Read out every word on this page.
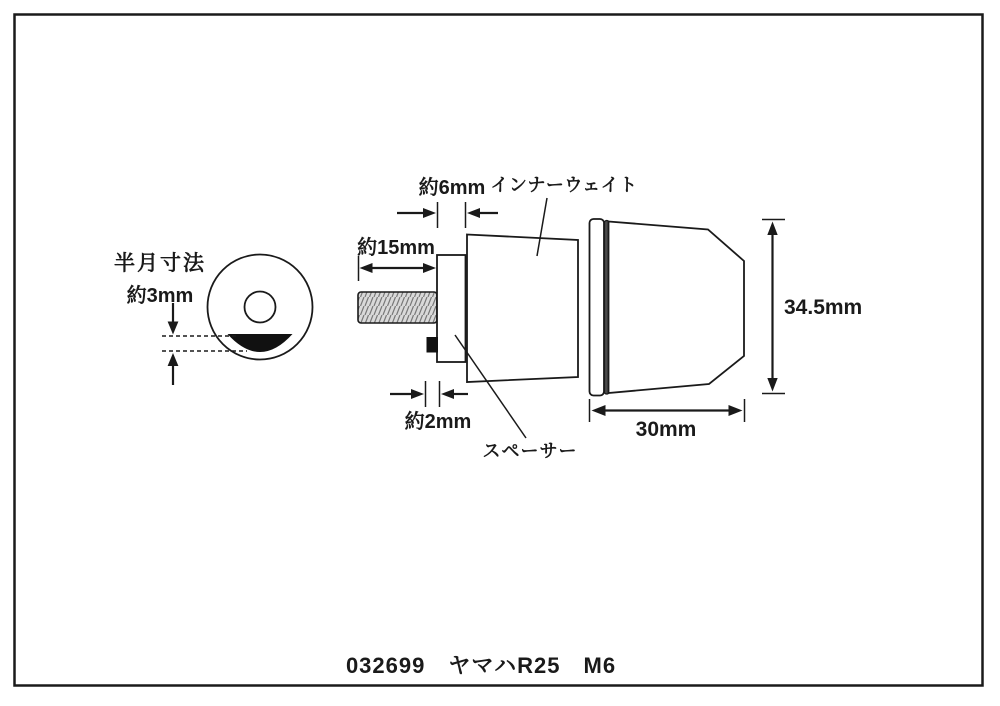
半月寸法
約3mm
約15mm
約6mm インナーウェイト
約2mm
スペーサー
34.5mm
30mm
032699　ヤマハR25　M6
